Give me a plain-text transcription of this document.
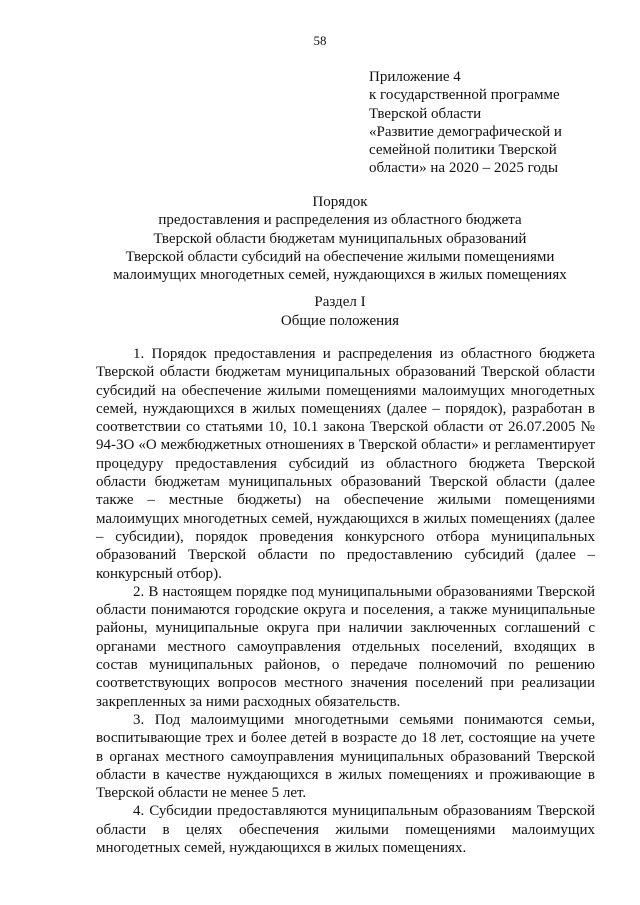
58
Приложение 4
к государственной программе
Тверской области
«Развитие демографической и
семейной политики Тверской
области» на 2020 – 2025 годы
Порядок
предоставления и распределения из областного бюджета
Тверской области бюджетам муниципальных образований
Тверской области субсидий на обеспечение жилыми помещениями
малоимущих многодетных семей, нуждающихся в жилых помещениях
Раздел I
Общие положения

1. Порядок предоставления и распределения из областного бюджета Тверской области бюджетам муниципальных образований Тверской области субсидий на обеспечение жилыми помещениями малоимущих многодетных семей, нуждающихся в жилых помещениях (далее – порядок), разработан в соответствии со статьями 10, 10.1 закона Тверской области от 26.07.2005 № 94-ЗО «О межбюджетных отношениях в Тверской области» и регламентирует процедуру предоставления субсидий из областного бюджета Тверской области бюджетам муниципальных образований Тверской области (далее также – местные бюджеты) на обеспечение жилыми помещениями малоимущих многодетных семей, нуждающихся в жилых помещениях (далее – субсидии), порядок проведения конкурсного отбора муниципальных образований Тверской области по предоставлению субсидий (далее – конкурсный отбор).

2. В настоящем порядке под муниципальными образованиями Тверской области понимаются городские округа и поселения, а также муниципальные районы, муниципальные округа при наличии заключенных соглашений с органами местного самоуправления отдельных поселений, входящих в состав муниципальных районов, о передаче полномочий по решению соответствующих вопросов местного значения поселений при реализации закрепленных за ними расходных обязательств.

3. Под малоимущими многодетными семьями понимаются семьи, воспитывающие трех и более детей в возрасте до 18 лет, состоящие на учете в органах местного самоуправления муниципальных образований Тверской области в качестве нуждающихся в жилых помещениях и проживающие в Тверской области не менее 5 лет.

4. Субсидии предоставляются муниципальным образованиям Тверской области в целях обеспечения жилыми помещениями малоимущих многодетных семей, нуждающихся в жилых помещениях.
